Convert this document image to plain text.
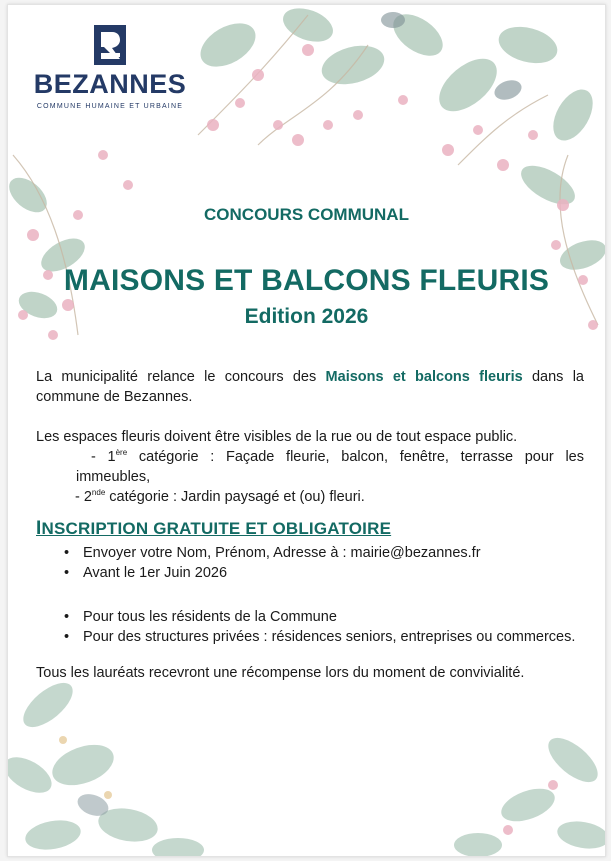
BEZANNES
COMMUNE HUMAINE ET URBAINE
CONCOURS COMMUNAL
MAISONS ET BALCONS FLEURIS
Edition 2026

La municipalité relance le concours des Maisons et balcons fleuris dans la commune de Bezannes.

Les espaces fleuris doivent être visibles de la rue ou de tout espace public.

- 1ère catégorie : Façade fleurie, balcon, fenêtre, terrasse pour les immeubles,

- 2nde catégorie : Jardin paysagé et (ou) fleuri.

INSCRIPTION GRATUITE ET OBLIGATOIRE

• Envoyer votre Nom, Prénom, Adresse à : mairie@bezannes.fr
• Avant le 1er Juin 2026
• Pour tous les résidents de la Commune
• Pour des structures privées : résidences seniors, entreprises ou commerces.

Tous les lauréats recevront une récompense lors du moment de convivialité.
